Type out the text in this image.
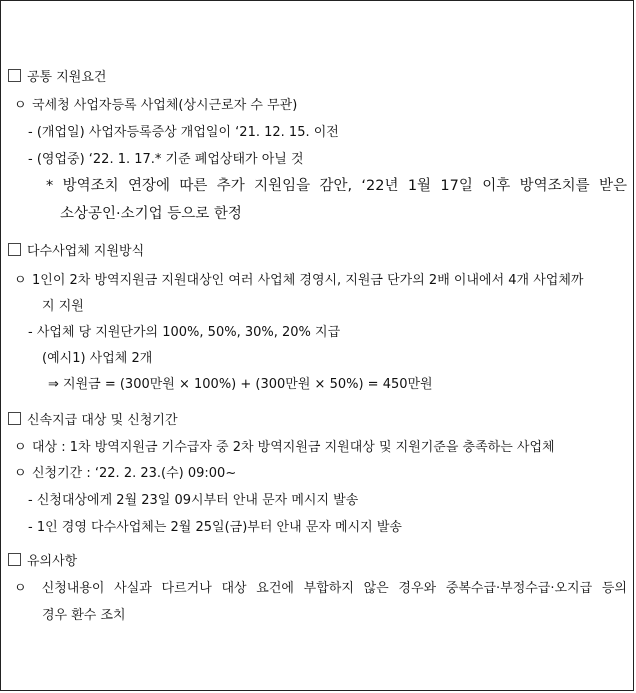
공통 지원요건
ㅇ 국세청 사업자등록 사업체(상시근로자 수 무관)
- (개업일) 사업자등록증상 개업일이 ‘21. 12. 15. 이전
- (영업중) ‘22. 1. 17.* 기준 폐업상태가 아닐 것
* 방역조치 연장에 따른 추가 지원임을 감안, ‘22년 1월 17일 이후 방역조치를 받은
소상공인·소기업 등으로 한정
다수사업체 지원방식
ㅇ 1인이 2차 방역지원금 지원대상인 여러 사업체 경영시, 지원금 단가의 2배 이내에서 4개 사업체까
지 지원
- 사업체 당 지원단가의 100%, 50%, 30%, 20% 지급
(예시1) 사업체 2개
⇒ 지원금 = (300만원 × 100%) + (300만원 × 50%) = 450만원
신속지급 대상 및 신청기간
ㅇ 대상 : 1차 방역지원금 기수급자 중 2차 방역지원금 지원대상 및 지원기준을 충족하는 사업체
ㅇ 신청기간 : ‘22. 2. 23.(수) 09:00~
- 신청대상에게 2월 23일 09시부터 안내 문자 메시지 발송
- 1인 경영 다수사업체는 2월 25일(금)부터 안내 문자 메시지 발송
유의사항
ㅇ	신청내용이 사실과 다르거나 대상 요건에 부합하지 않은 경우와 중복수급·부정수급·오지급 등의
경우 환수 조치
